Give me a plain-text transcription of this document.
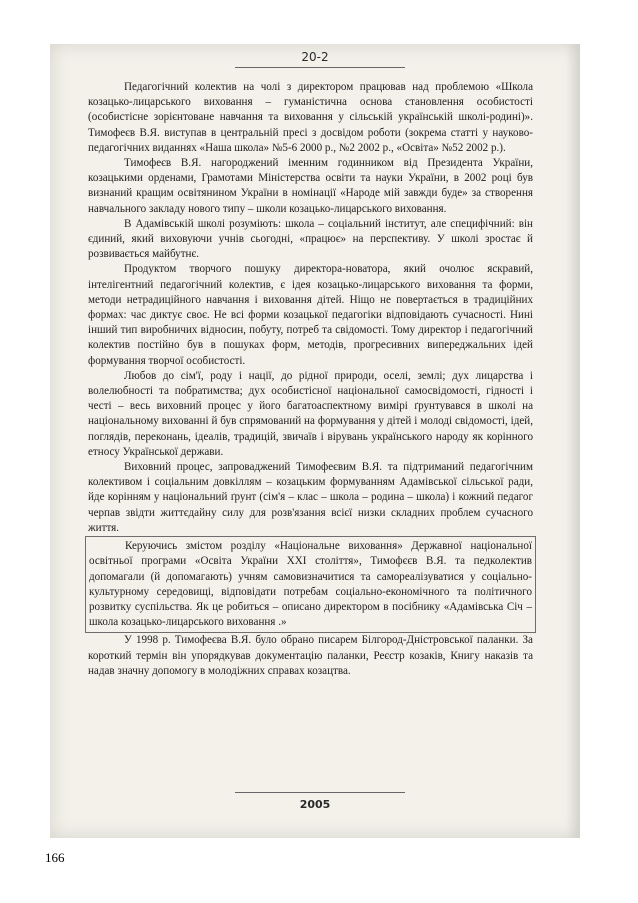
20-2

Педагогічний колектив на чолі з директором працював над проблемою «Школа козацько-лицарського виховання – гуманістична основа становлення особистості (особистісне зорієнтоване навчання та виховання у сільській українській школі-родині)». Тимофеєв В.Я. виступав в центральній пресі з досвідом роботи (зокрема статті у науково-педагогічних виданнях «Наша школа» №5-6 2000 р., №2 2002 р., «Освіта» №52 2002 р.).

Тимофеєв В.Я. нагороджений іменним годинником від Президента України, козацькими орденами, Грамотами Міністерства освіти та науки України, в 2002 році був визнаний кращим освітянином України в номінації «Народе мій завжди буде» за створення навчального закладу нового типу – школи козацько-лицарського виховання.

В Адамівській школі розуміють: школа – соціальний інститут, але специфічний: він єдиний, який виховуючи учнів сьогодні, «працює» на перспективу. У школі зростає й розвивається майбутнє.

Продуктом творчого пошуку директора-новатора, який очолює яскравий, інтелігентний педагогічний колектив, є ідея козацько-лицарського виховання та форми, методи нетрадиційного навчання і виховання дітей. Ніщо не повертається в традиційних формах: час диктує своє. Не всі форми козацької педагогіки відповідають сучасності. Нині інший тип виробничих відносин, побуту, потреб та свідомості. Тому директор і педагогічний колектив постійно був в пошуках форм, методів, прогресивних випереджальних ідей формування творчої особистості.

Любов до сім'ї, роду і нації, до рідної природи, оселі, землі; дух лицарства і волелюбності та побратимства; дух особистісної національної самосвідомості, гідності і честі – весь виховний процес у його багатоаспектному вимірі ґрунтувався в школі на національному вихованні й був спрямований на формування у дітей і молоді свідомості, ідей, поглядів, переконань, ідеалів, традицій, звичаїв і вірувань українського народу як корінного етносу Української держави.

Виховний процес, запроваджений Тимофеєвим В.Я. та підтриманий педагогічним колективом і соціальним довкіллям – козацьким формуванням Адамівської сільської ради, йде корінням у національний ґрунт (сім'я – клас – школа – родина – школа) і кожний педагог черпав звідти життєдайну силу для розв'язання всієї низки складних проблем сучасного життя.

Керуючись змістом розділу «Національне виховання» Державної національної освітньої програми «Освіта України XXI століття», Тимофєєв В.Я. та педколектив допомагали (й допомагають) учням самовизначитися та самореалізуватися у соціально-культурному середовищі, відповідати потребам соціально-економічного та політичного розвитку суспільства. Як це робиться – описано директором в посібнику «Адамівська Січ – школа козацько-лицарського виховання .»

У 1998 р. Тимофеєва В.Я. було обрано писарем Білгород-Дністровської паланки. За короткий термін він упорядкував документацію паланки, Реєстр козаків, Книгу наказів та надав значну допомогу в молодіжних справах козацтва.

2005
166
